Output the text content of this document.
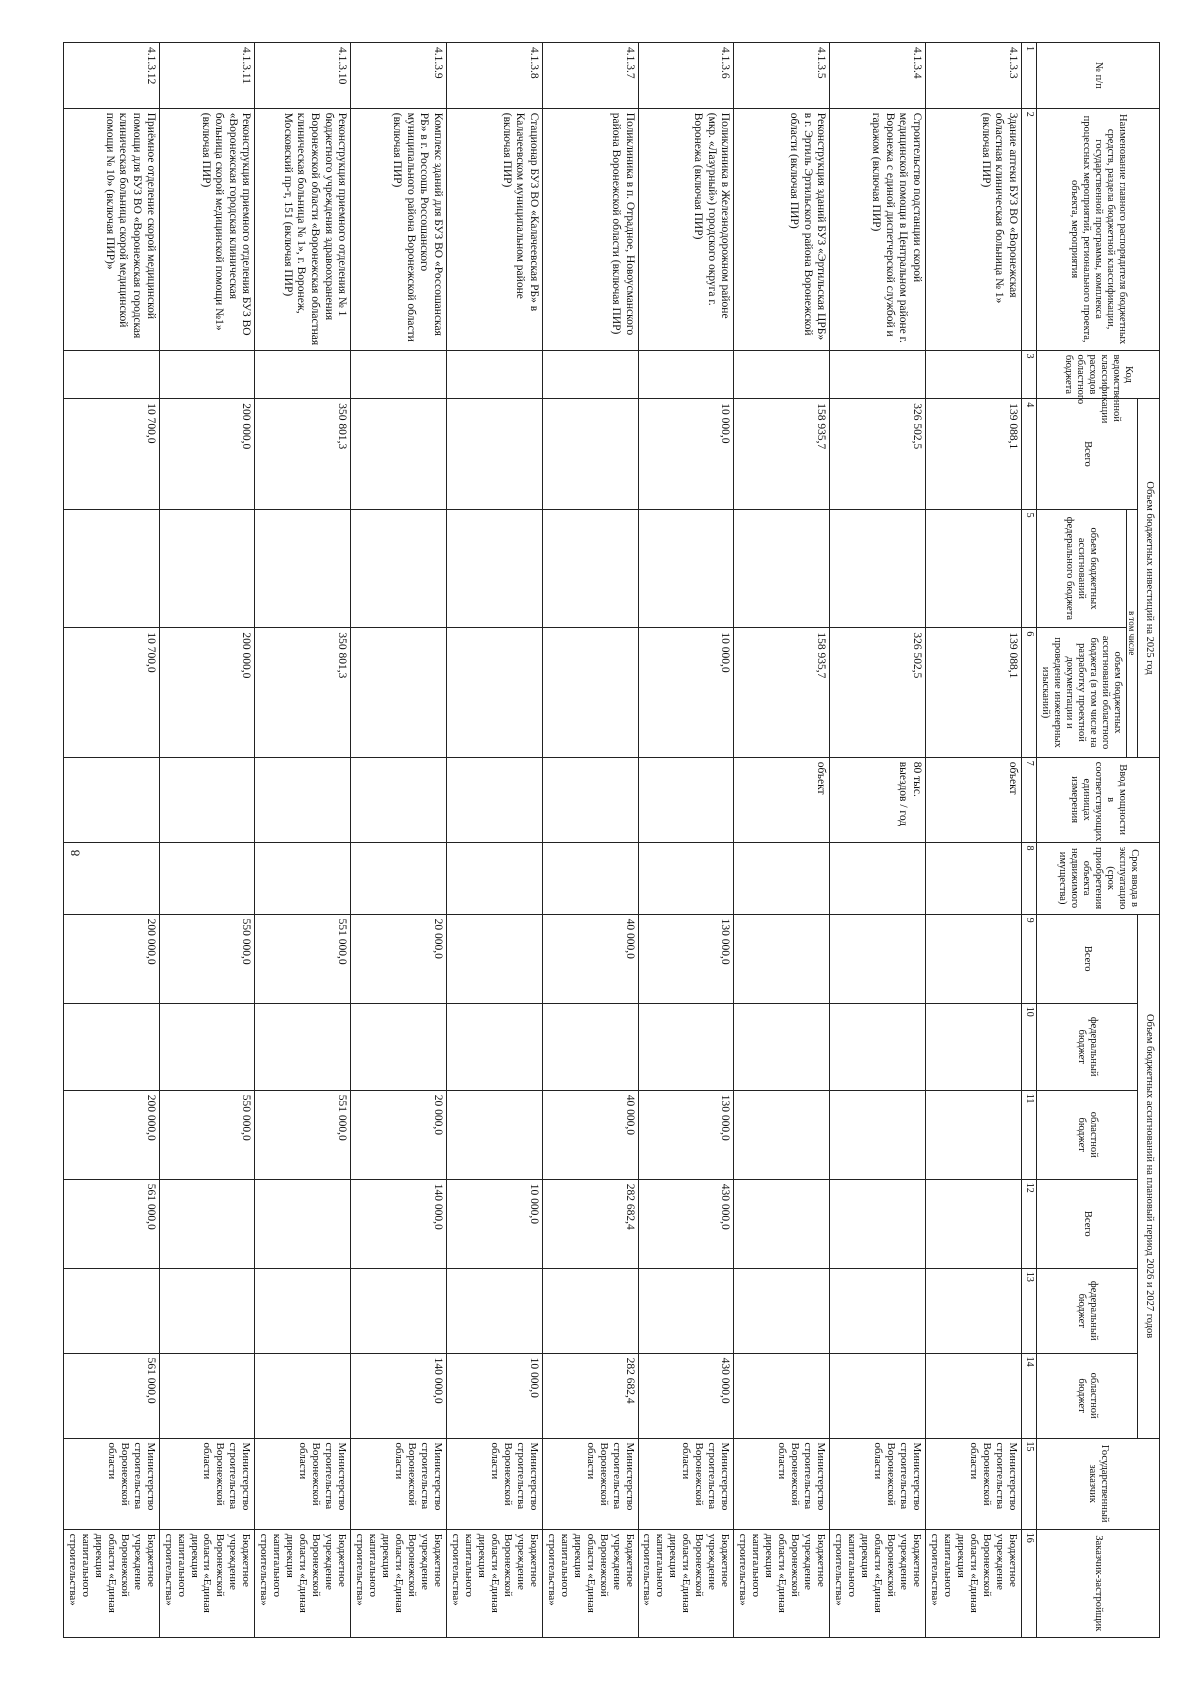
8
№ п/п	Наименование главного распорядителя бюджетных средств, раздела бюджетной классификации, государственной программы, комплекса процессных мероприятий, регионального проекта, объекта, мероприятия	Код ведомственной классификации расходов областного бюджета	Объем бюджетных инвестиций на 2025 год			Ввод мощности в соответствующих единицах измерения	Срок ввода в эксплуатацию (срок приобретения объекта недвижимого имущества)	Объем бюджетных ассигнований на плановый период 2026 и 2027 годов						Государственный заказчик	Заказчик-застройщик
			Всего	в том числе				Всего	федеральный бюджет	областной бюджет	Всего	федеральный бюджет	областной бюджет		
				объем бюджетных ассигнований федерального бюджета	объем бюджетных ассигнований областного бюджета (в том числе на разработку проектной документации и проведение инженерных изысканий)										
1	2	3	4	5	6	7	8	9	10	11	12	13	14	15	16
4.1.3.3	Здание аптеки БУЗ ВО «Воронежская областная клиническая больница № 1» (включая ПИР)		139 088,1		139 088,1	объект								Министерство строительства Воронежской области	Бюджетное учреждение Воронежской области «Единая дирекция капитального строительства»
4.1.3.4	Строительство подстанции скорой медицинской помощи в Центральном районе г. Воронежа с единой диспетчерской службой и гаражом (включая ПИР)		326 502,5		326 502,5	80 тыс. выездов / год								Министерство строительства Воронежской области	Бюджетное учреждение Воронежской области «Единая дирекция капитального строительства»
4.1.3.5	Реконструкция зданий БУЗ «Эртильская ЦРБ» в г. Эртиль Эртильского района Воронежской области (включая ПИР)		158 935,7		158 935,7	объект								Министерство строительства Воронежской области	Бюджетное учреждение Воронежской области «Единая дирекция капитального строительства»
4.1.3.6	Поликлиника в Железнодорожном районе (мкр. «Лазурный») городского округа г. Воронежа (включая ПИР)		10 000,0		10 000,0			130 000,0		130 000,0	430 000,0		430 000,0	Министерство строительства Воронежской области	Бюджетное учреждение Воронежской области «Единая дирекция капитального строительства»
4.1.3.7	Поликлиника в п. Отрадное, Новоусманского района Воронежской области (включая ПИР)							40 000,0		40 000,0	282 682,4		282 682,4	Министерство строительства Воронежской области	Бюджетное учреждение Воронежской области «Единая дирекция капитального строительства»
4.1.3.8	Стационар БУЗ ВО «Калачеевская РБ» в Калачеевском муниципальном районе (включая ПИР)										10 000,0		10 000,0	Министерство строительства Воронежской области	Бюджетное учреждение Воронежской области «Единая дирекция капитального строительства»
4.1.3.9	Комплекс зданий для БУЗ ВО «Россошанская РБ» в г. Россошь Россошанского муниципального района Воронежской области (включая ПИР)							20 000,0		20 000,0	140 000,0		140 000,0	Министерство строительства Воронежской области	Бюджетное учреждение Воронежской области «Единая дирекция капитального строительства»
4.1.3.10	Реконструкция приемного отделения № 1 бюджетного учреждения здравоохранения Воронежской области «Воронежская областная клиническая больница № 1», г. Воронеж, Московский пр-т, 151 (включая ПИР)		350 801,3		350 801,3			551 000,0		551 000,0				Министерство строительства Воронежской области	Бюджетное учреждение Воронежской области «Единая дирекция капитального строительства»
4.1.3.11	Реконструкция приемного отделения БУЗ ВО «Воронежская городская клиническая больница скорой медицинской помощи №1» (включая ПИР)		200 000,0		200 000,0			550 000,0		550 000,0				Министерство строительства Воронежской области	Бюджетное учреждение Воронежской области «Единая дирекция капитального строительства»
4.1.3.12	Приёмное отделение скорой медицинской помощи для БУЗ ВО «Воронежская городская клиническая больница скорой медицинской помощи № 10» (включая ПИР)»		10 700,0		10 700,0			200 000,0		200 000,0	561 000,0		561 000,0	Министерство строительства Воронежской области	Бюджетное учреждение Воронежской области «Единая дирекция капитального строительства»
